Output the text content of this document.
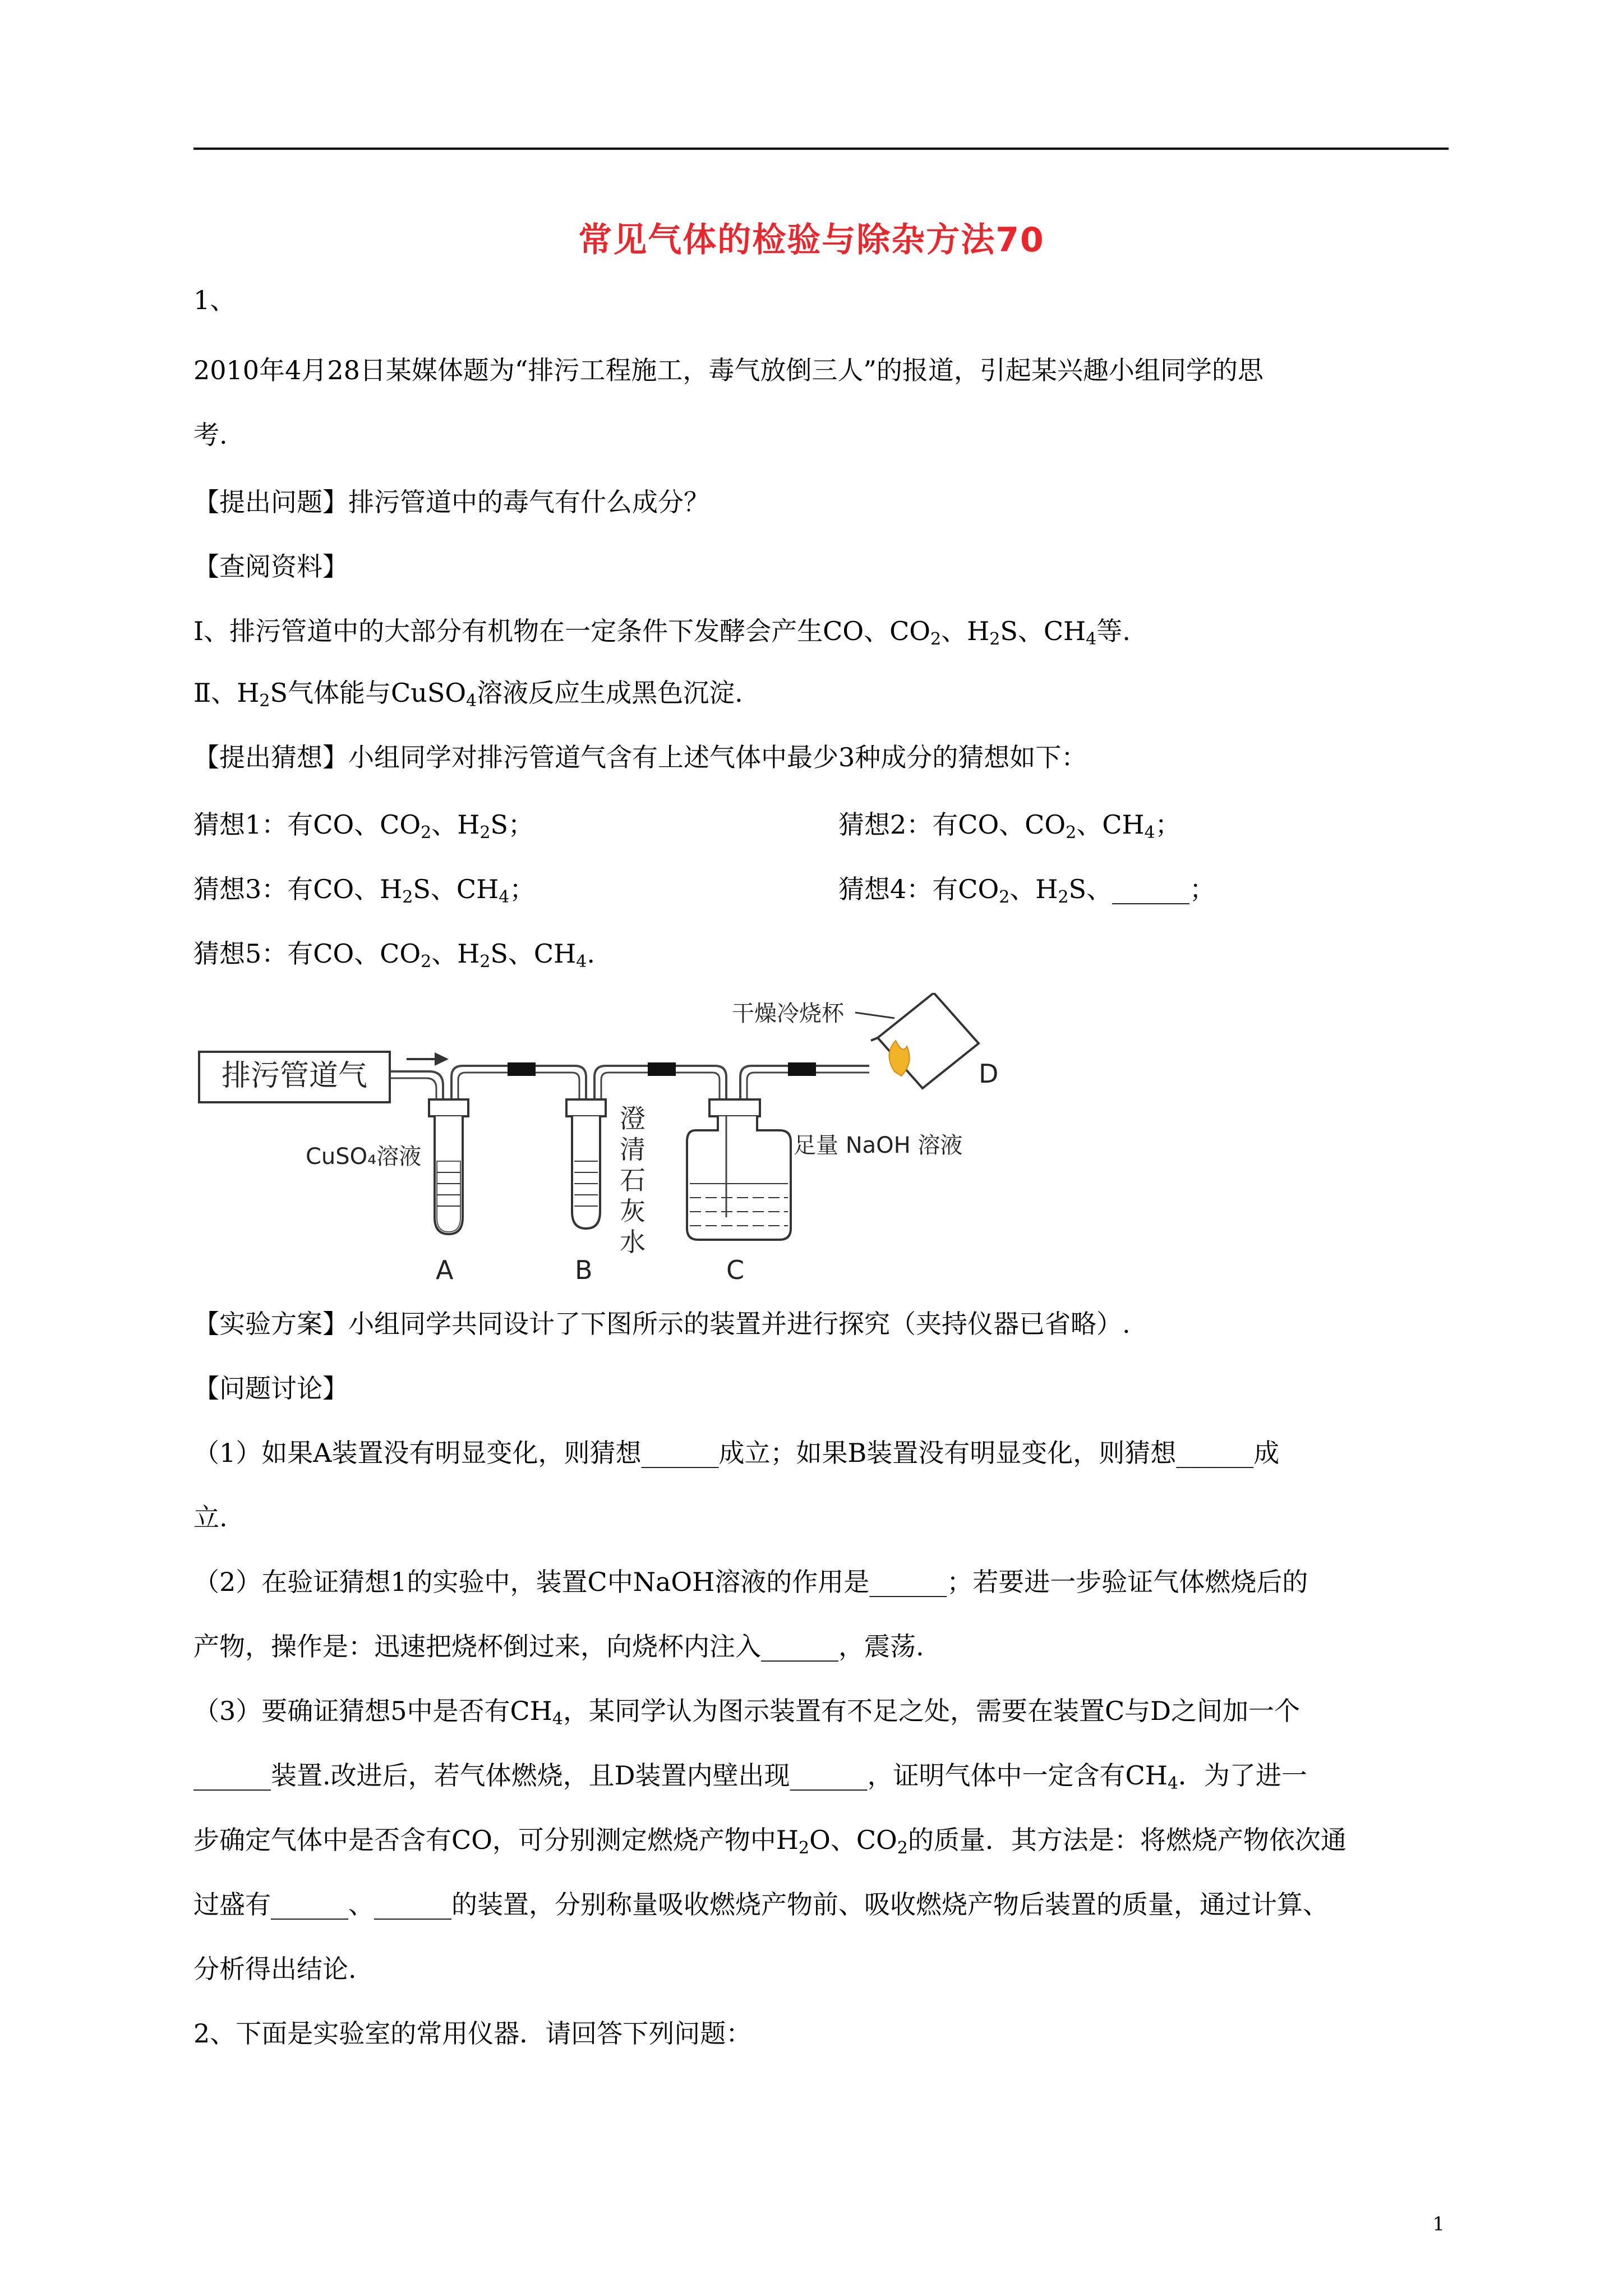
常见气体的检验与除杂方法70
1、
2010年4月28日某媒体题为“排污工程施工，毒气放倒三人”的报道，引起某兴趣小组同学的思
考.
【提出问题】排污管道中的毒气有什么成分？
【查阅资料】
I、排污管道中的大部分有机物在一定条件下发酵会产生CO、$CO_2$、$H_2S$、$CH_4$等.
Ⅱ、$H_2S$气体能与CuSO$_4$溶液反应生成黑色沉淀.
【提出猜想】小组同学对排污管道气含有上述气体中最少3种成分的猜想如下：
猜想1：有CO、$CO_2$、$H_2S$；	猜想2：有CO、$CO_2$、$CH_4$；
猜想3：有CO、$H_2S$、$CH_4$；	猜想4：有$CO_2$、$H_2S$、______；
猜想5：有CO、$CO_2$、$H_2S$、$CH_4$.
排污管道气
CuSO₄溶液
澄
清
石
灰
水
足量 NaOH 溶液
干燥冷烧杯
A	B	C
D
【实验方案】小组同学共同设计了下图所示的装置并进行探究（夹持仪器已省略）.
【问题讨论】
（1）如果A装置没有明显变化，则猜想______成立；如果B装置没有明显变化，则猜想______成
立.
（2）在验证猜想1的实验中，装置C中NaOH溶液的作用是______；若要进一步验证气体燃烧后的
产物，操作是：迅速把烧杯倒过来，向烧杯内注入______，震荡.
（3）要确证猜想5中是否有$CH_4$，某同学认为图示装置有不足之处，需要在装置C与D之间加一个
______装置.改进后，若气体燃烧，且D装置内壁出现______，证明气体中一定含有$CH_4$．为了进一
步确定气体中是否含有CO，可分别测定燃烧产物中$H_2O$、$CO_2$的质量．其方法是：将燃烧产物依次通
过盛有______、______的装置，分别称量吸收燃烧产物前、吸收燃烧产物后装置的质量，通过计算、
分析得出结论.
2、下面是实验室的常用仪器．请回答下列问题：
1
